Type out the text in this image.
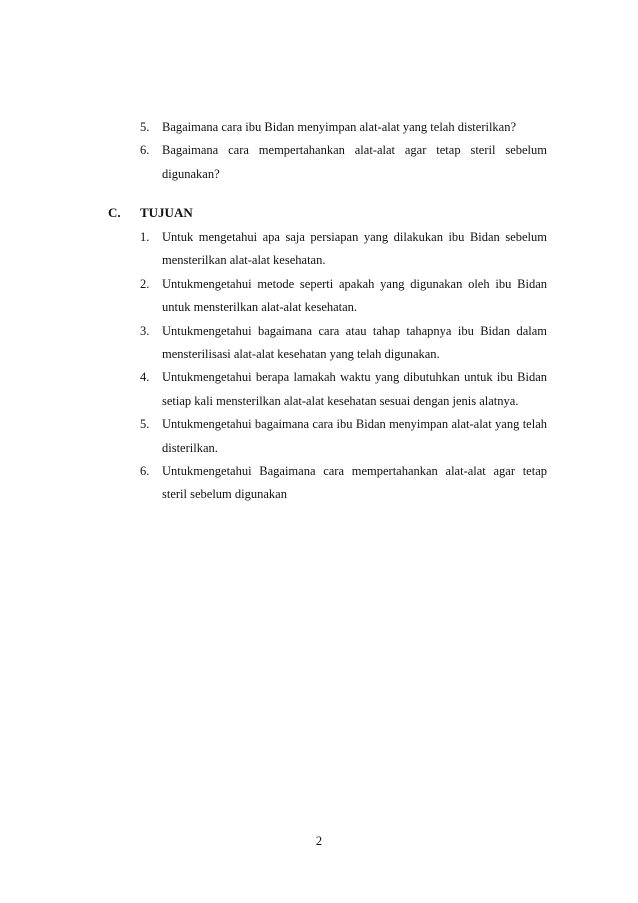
5.	Bagaimana cara ibu Bidan menyimpan alat-alat yang telah disterilkan?
6.	Bagaimana cara mempertahankan alat-alat agar tetap steril sebelum digunakan?
C. TUJUAN
1.	Untuk mengetahui apa saja persiapan yang dilakukan ibu Bidan sebelum mensterilkan alat-alat kesehatan.
2.	Untukmengetahui metode seperti apakah yang digunakan oleh ibu Bidan untuk mensterilkan alat-alat kesehatan.
3.	Untukmengetahui bagaimana cara atau tahap tahapnya ibu Bidan dalam mensterilisasi alat-alat kesehatan yang telah digunakan.
4.	Untukmengetahui berapa lamakah waktu yang dibutuhkan untuk ibu Bidan setiap kali mensterilkan alat-alat kesehatan sesuai dengan jenis alatnya.
5.	Untukmengetahui bagaimana cara ibu Bidan menyimpan alat-alat yang telah disterilkan.
6.	Untukmengetahui Bagaimana cara mempertahankan alat-alat agar tetap steril sebelum digunakan
2
